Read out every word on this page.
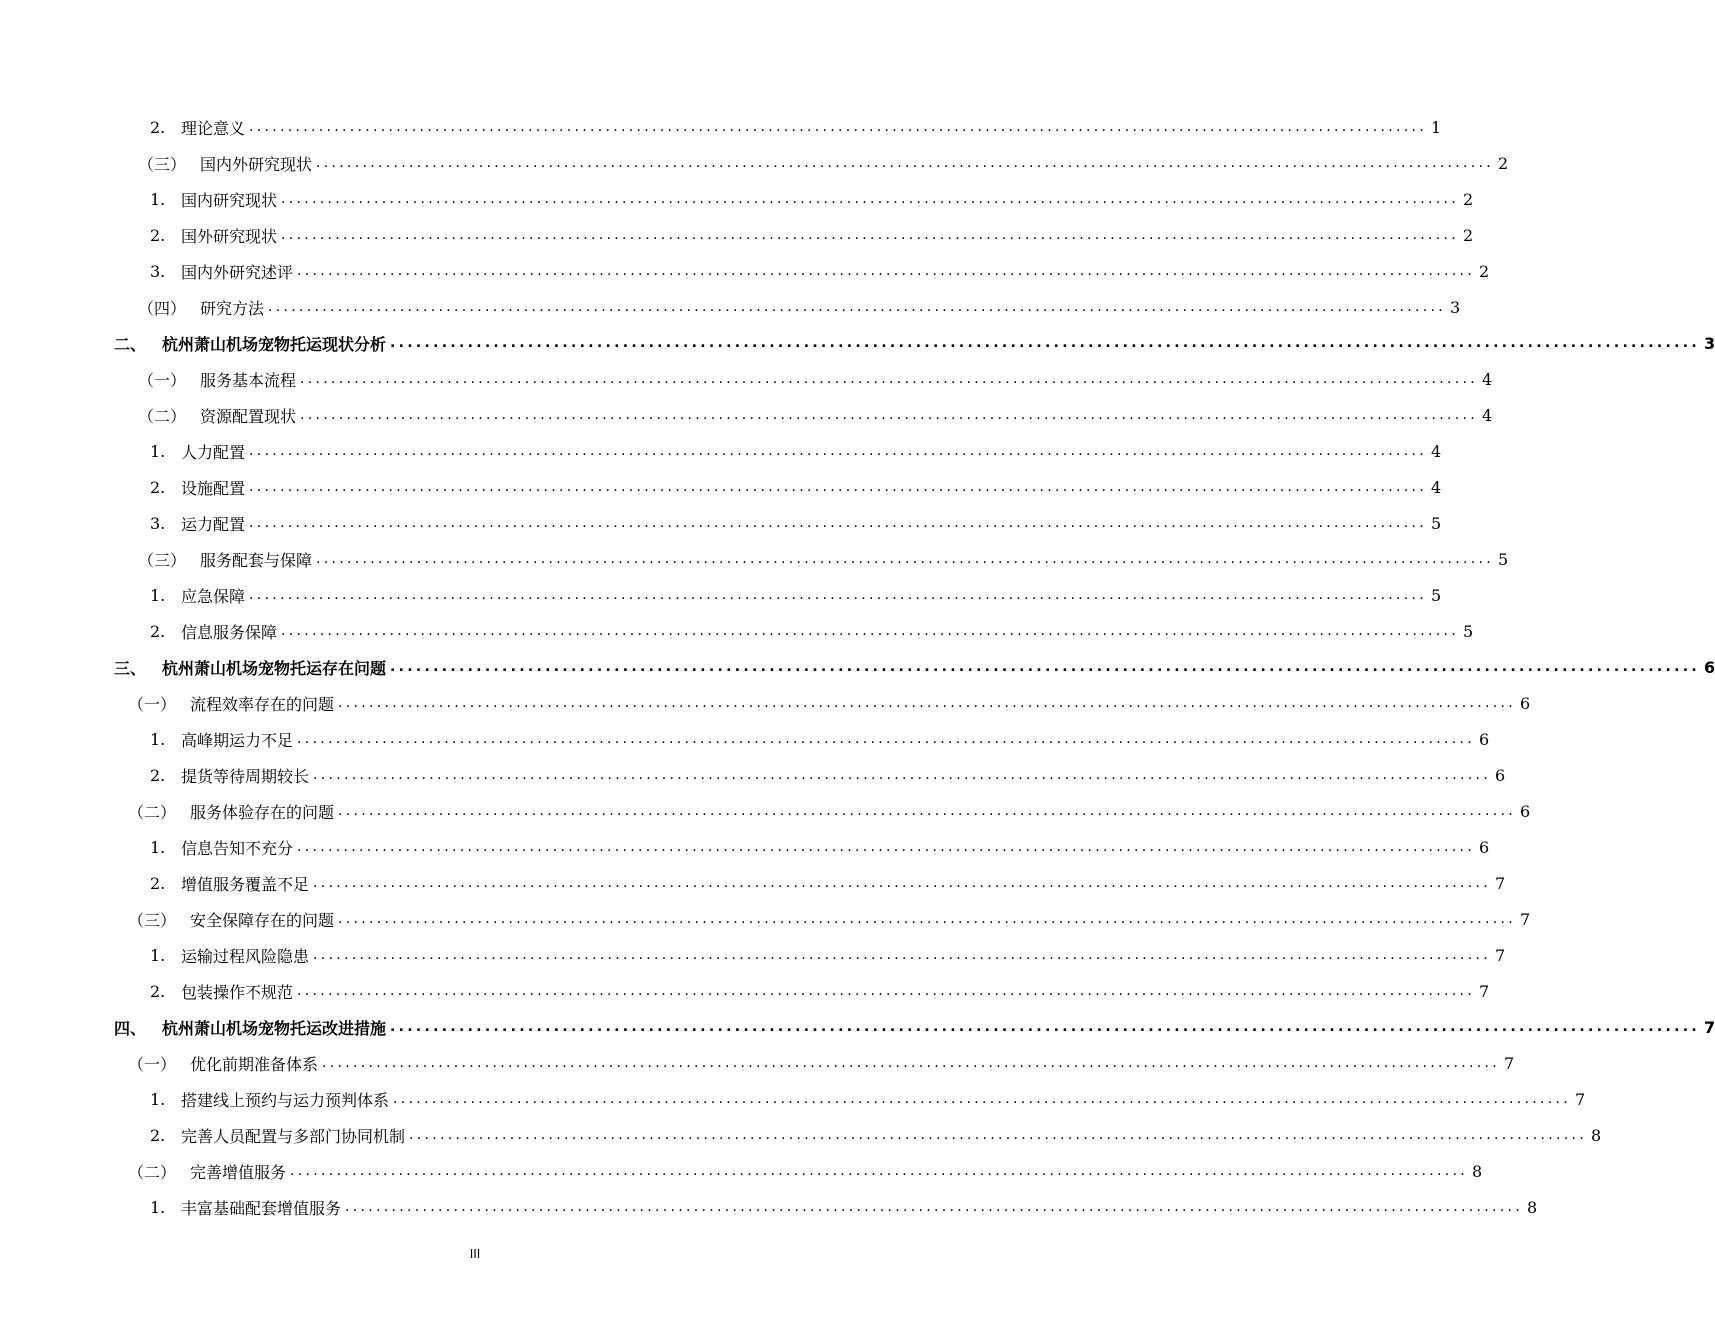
2. 理论意义 ........................................................................................................................................................ 1
（三） 国内外研究现状 ........................................................................................................................................................ 2
1. 国内研究现状 ........................................................................................................................................................ 2
2. 国外研究现状 ........................................................................................................................................................ 2
3. 国内外研究述评 ........................................................................................................................................................ 2
（四） 研究方法 ........................................................................................................................................................ 3
二、 杭州萧山机场宠物托运现状分析 ........................................................................................................................................................ 3
（一） 服务基本流程 ........................................................................................................................................................ 4
（二） 资源配置现状 ........................................................................................................................................................ 4
1. 人力配置 ........................................................................................................................................................ 4
2. 设施配置 ........................................................................................................................................................ 4
3. 运力配置 ........................................................................................................................................................ 5
（三） 服务配套与保障 ........................................................................................................................................................ 5
1. 应急保障 ........................................................................................................................................................ 5
2. 信息服务保障 ........................................................................................................................................................ 5
三、 杭州萧山机场宠物托运存在问题 ........................................................................................................................................................ 6
（一） 流程效率存在的问题 ........................................................................................................................................................ 6
1. 高峰期运力不足 ........................................................................................................................................................ 6
2. 提货等待周期较长 ........................................................................................................................................................ 6
（二） 服务体验存在的问题 ........................................................................................................................................................ 6
1. 信息告知不充分 ........................................................................................................................................................ 6
2. 增值服务覆盖不足 ........................................................................................................................................................ 7
（三） 安全保障存在的问题 ........................................................................................................................................................ 7
1. 运输过程风险隐患 ........................................................................................................................................................ 7
2. 包装操作不规范 ........................................................................................................................................................ 7
四、 杭州萧山机场宠物托运改进措施 ........................................................................................................................................................ 7
（一） 优化前期准备体系 ........................................................................................................................................................ 7
1. 搭建线上预约与运力预判体系 ........................................................................................................................................................ 7
2. 完善人员配置与多部门协同机制 ........................................................................................................................................................ 8
（二） 完善增值服务 ........................................................................................................................................................ 8
1. 丰富基础配套增值服务 ........................................................................................................................................................ 8
III
